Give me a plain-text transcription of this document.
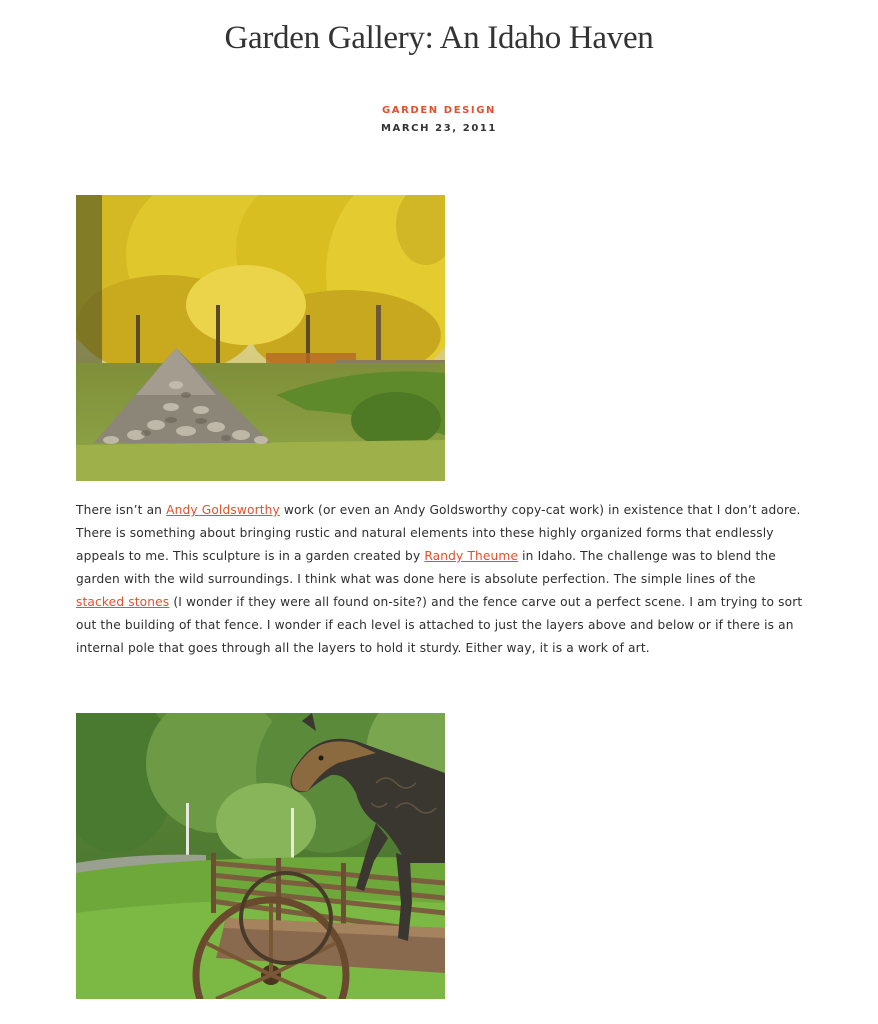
Garden Gallery: An Idaho Haven
GARDEN DESIGN
MARCH 23, 2011

There isn’t an Andy Goldsworthy work (or even an Andy Goldsworthy copy-cat work) in existence that I don’t adore. There is something about bringing rustic and natural elements into these highly organized forms that endlessly appeals to me. This sculpture is in a garden created by Randy Theume in Idaho. The challenge was to blend the garden with the wild surroundings. I think what was done here is absolute perfection. The simple lines of the stacked stones (I wonder if they were all found on-site?) and the fence carve out a perfect scene. I am trying to sort out the building of that fence. I wonder if each level is attached to just the layers above and below or if there is an internal pole that goes through all the layers to hold it sturdy. Either way, it is a work of art.
